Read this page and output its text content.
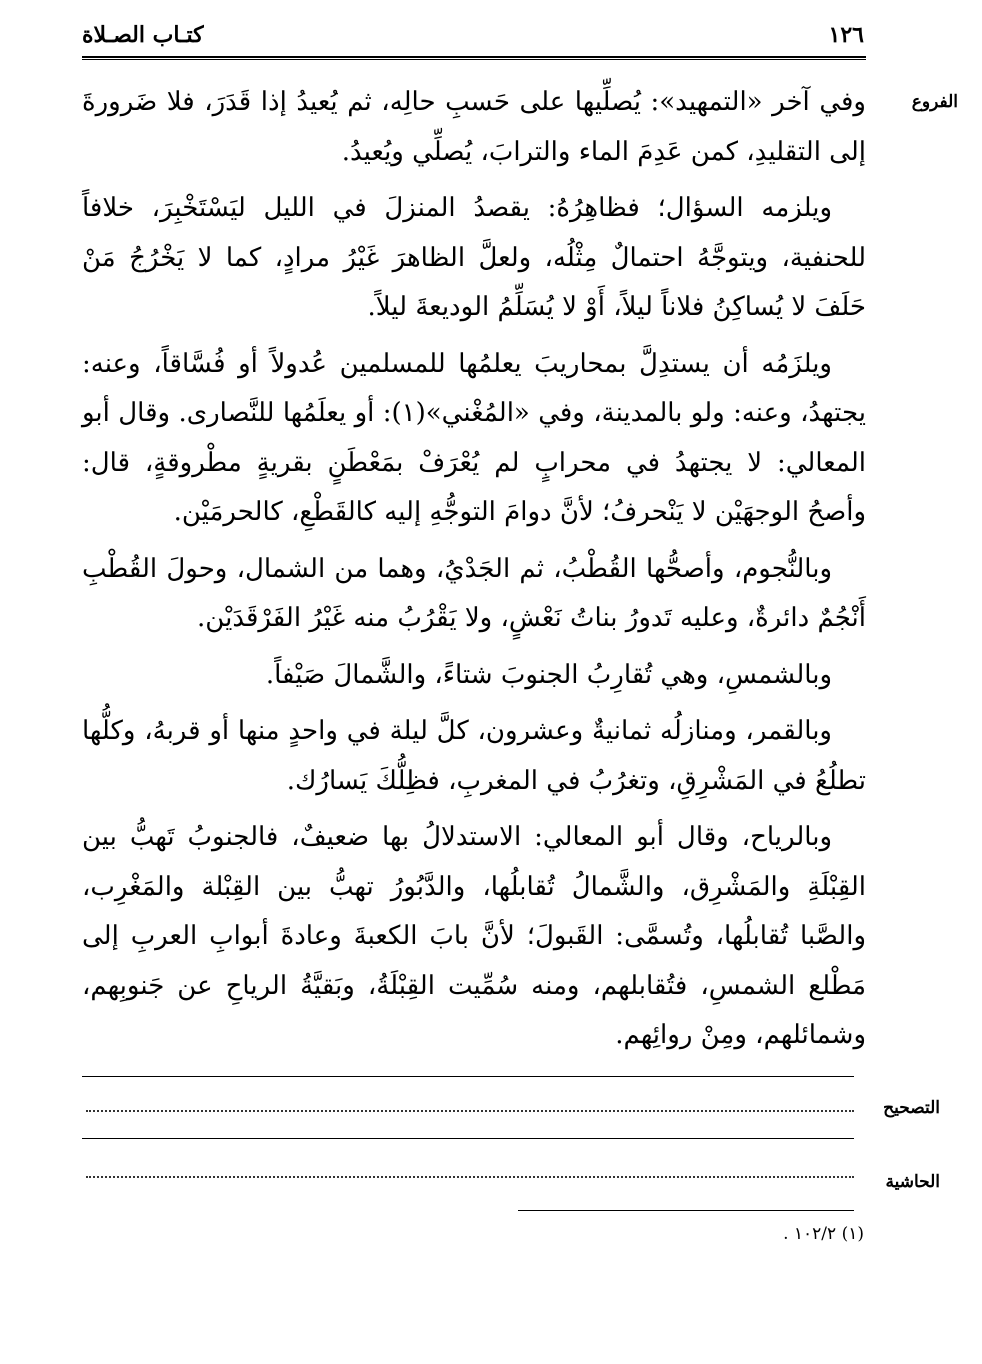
١٢٦
كتـاب الصـلاة
الفروع

وفي آخر «التمهيد»: يُصلِّيها على حَسبِ حالِه، ثم يُعيدُ إذا قَدَرَ، فلا ضَرورةَ إلى التقليدِ، كمن عَدِمَ الماء والترابَ، يُصلِّي ويُعيدُ.

ويلزمه السؤال؛ فظاهِرُهُ: يقصدُ المنزلَ في الليل ليَسْتَخْبِرَ، خلافاً للحنفية، ويتوجَّهُ احتمالٌ مِثْلُه، ولعلَّ الظاهرَ غَيْرُ مرادٍ، كما لا يَخْرُجُ مَنْ حَلَفَ لا يُساكِنُ فلاناً ليلاً، أَوْ لا يُسَلِّمُ الوديعةَ ليلاً.

ويلزَمُه أن يستدِلَّ بمحاريبَ يعلمُها للمسلمين عُدولاً أو فُسَّاقاً، وعنه: يجتهدُ، وعنه: ولو بالمدينة، وفي «المُغْني»(١): أو يعلَمُها للنَّصارى. وقال أبو المعالي: لا يجتهدُ في محرابٍ لم يُعْرَفْ بمَعْطَنٍ بقريةٍ مطْروقةٍ، قال: وأصحُ الوجهَيْن لا يَنْحرفُ؛ لأنَّ دوامَ التوجُّهِ إليه كالقَطْعِ، كالحرمَيْن.

وبالنُّجوم، وأصحُّها القُطْبُ، ثم الجَدْيُ، وهما من الشمال، وحولَ القُطْبِ أَنْجُمٌ دائرةٌ، وعليه تَدورُ بناتُ نَعْشٍ، ولا يَقْرُبُ منه غَيْرُ الفَرْقَدَيْن.

وبالشمسِ، وهي تُقارِبُ الجنوبَ شتاءً، والشَّمالَ صَيْفاً.

وبالقمر، ومنازلُه ثمانيةٌ وعشرون، كلَّ ليلة في واحدٍ منها أو قربهُ، وكلُّها تطلُعُ في المَشْرِقِ، وتغرُبُ في المغربِ، فظِلُّكَ يَسارُك.

وبالرياح، وقال أبو المعالي: الاستدلالُ بها ضعيفٌ، فالجنوبُ تَهبُّ بين القِبْلَةِ والمَشْرِق، والشَّمالُ تُقابلُها، والدَّبُورُ تهبُّ بين القِبْلة والمَغْرِب، والصَّبا تُقابلُها، وتُسمَّى: القَبولَ؛ لأنَّ بابَ الكعبةَ وعادةَ أبوابِ العربِ إلى مَطْلع الشمسِ، فتُقابلهم، ومنه سُمِّيت القِبْلَةُ، وبَقيَّةُ الرياحِ عن جَنوبِهم، وشمائلهم، ومِنْ روائِهم.

التصحيح
الحاشية
(١) ١٠٢/٢ .
